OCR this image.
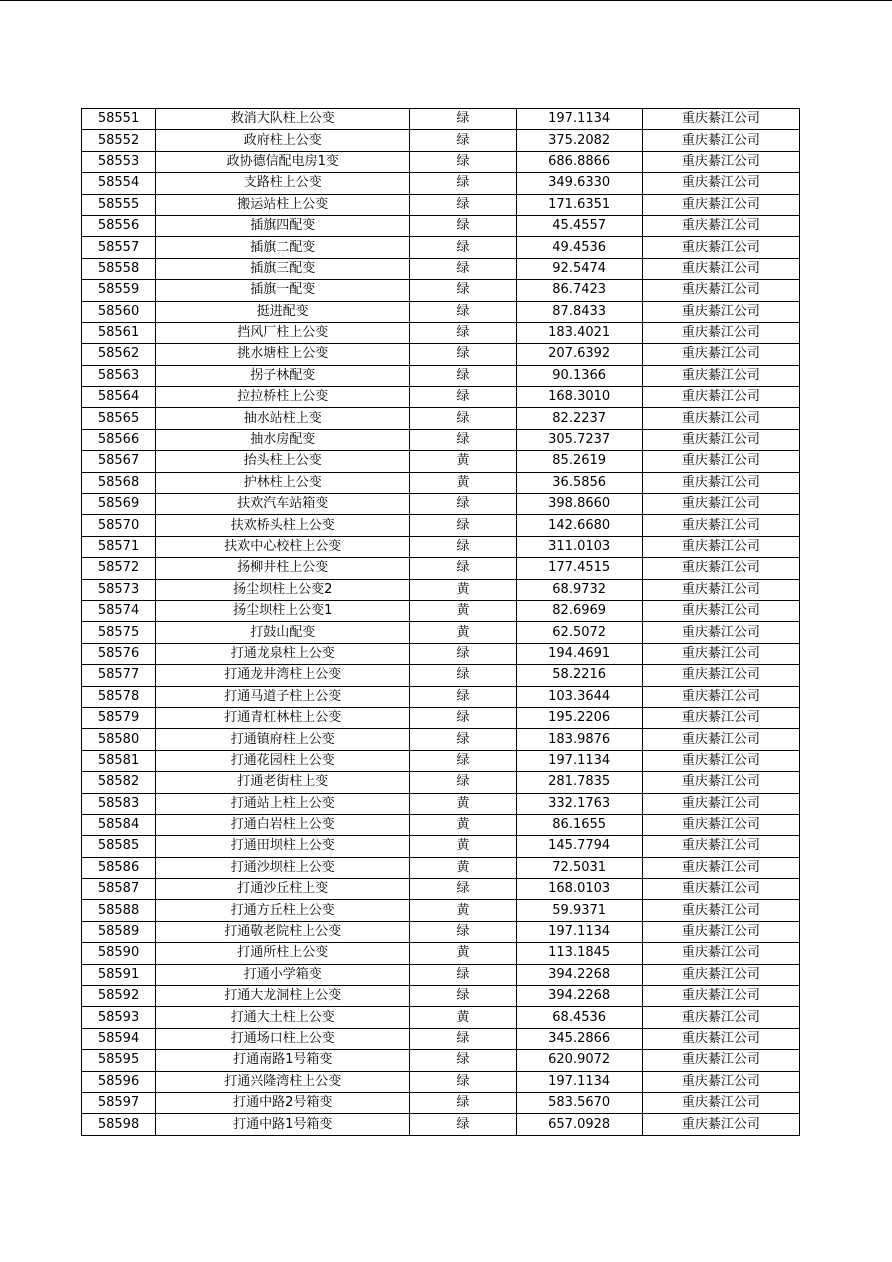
58551	救消大队柱上公变	绿	197.1134	重庆綦江公司
58552	政府柱上公变	绿	375.2082	重庆綦江公司
58553	政协德信配电房1变	绿	686.8866	重庆綦江公司
58554	支路柱上公变	绿	349.6330	重庆綦江公司
58555	搬运站柱上公变	绿	171.6351	重庆綦江公司
58556	插旗四配变	绿	45.4557	重庆綦江公司
58557	插旗二配变	绿	49.4536	重庆綦江公司
58558	插旗三配变	绿	92.5474	重庆綦江公司
58559	插旗一配变	绿	86.7423	重庆綦江公司
58560	挺进配变	绿	87.8433	重庆綦江公司
58561	挡风厂柱上公变	绿	183.4021	重庆綦江公司
58562	挑水塘柱上公变	绿	207.6392	重庆綦江公司
58563	拐子林配变	绿	90.1366	重庆綦江公司
58564	拉拉桥柱上公变	绿	168.3010	重庆綦江公司
58565	抽水站柱上变	绿	82.2237	重庆綦江公司
58566	抽水房配变	绿	305.7237	重庆綦江公司
58567	抬头柱上公变	黄	85.2619	重庆綦江公司
58568	护林柱上公变	黄	36.5856	重庆綦江公司
58569	扶欢汽车站箱变	绿	398.8660	重庆綦江公司
58570	扶欢桥头柱上公变	绿	142.6680	重庆綦江公司
58571	扶欢中心校柱上公变	绿	311.0103	重庆綦江公司
58572	扬柳井柱上公变	绿	177.4515	重庆綦江公司
58573	扬尘坝柱上公变2	黄	68.9732	重庆綦江公司
58574	扬尘坝柱上公变1	黄	82.6969	重庆綦江公司
58575	打鼓山配变	黄	62.5072	重庆綦江公司
58576	打通龙泉柱上公变	绿	194.4691	重庆綦江公司
58577	打通龙井湾柱上公变	绿	58.2216	重庆綦江公司
58578	打通马道子柱上公变	绿	103.3644	重庆綦江公司
58579	打通青杠林柱上公变	绿	195.2206	重庆綦江公司
58580	打通镇府柱上公变	绿	183.9876	重庆綦江公司
58581	打通花园柱上公变	绿	197.1134	重庆綦江公司
58582	打通老街柱上变	绿	281.7835	重庆綦江公司
58583	打通站上柱上公变	黄	332.1763	重庆綦江公司
58584	打通白岩柱上公变	黄	86.1655	重庆綦江公司
58585	打通田坝柱上公变	黄	145.7794	重庆綦江公司
58586	打通沙坝柱上公变	黄	72.5031	重庆綦江公司
58587	打通沙丘柱上变	绿	168.0103	重庆綦江公司
58588	打通方丘柱上公变	黄	59.9371	重庆綦江公司
58589	打通敬老院柱上公变	绿	197.1134	重庆綦江公司
58590	打通所柱上公变	黄	113.1845	重庆綦江公司
58591	打通小学箱变	绿	394.2268	重庆綦江公司
58592	打通大龙洞柱上公变	绿	394.2268	重庆綦江公司
58593	打通大土柱上公变	黄	68.4536	重庆綦江公司
58594	打通场口柱上公变	绿	345.2866	重庆綦江公司
58595	打通南路1号箱变	绿	620.9072	重庆綦江公司
58596	打通兴隆湾柱上公变	绿	197.1134	重庆綦江公司
58597	打通中路2号箱变	绿	583.5670	重庆綦江公司
58598	打通中路1号箱变	绿	657.0928	重庆綦江公司
